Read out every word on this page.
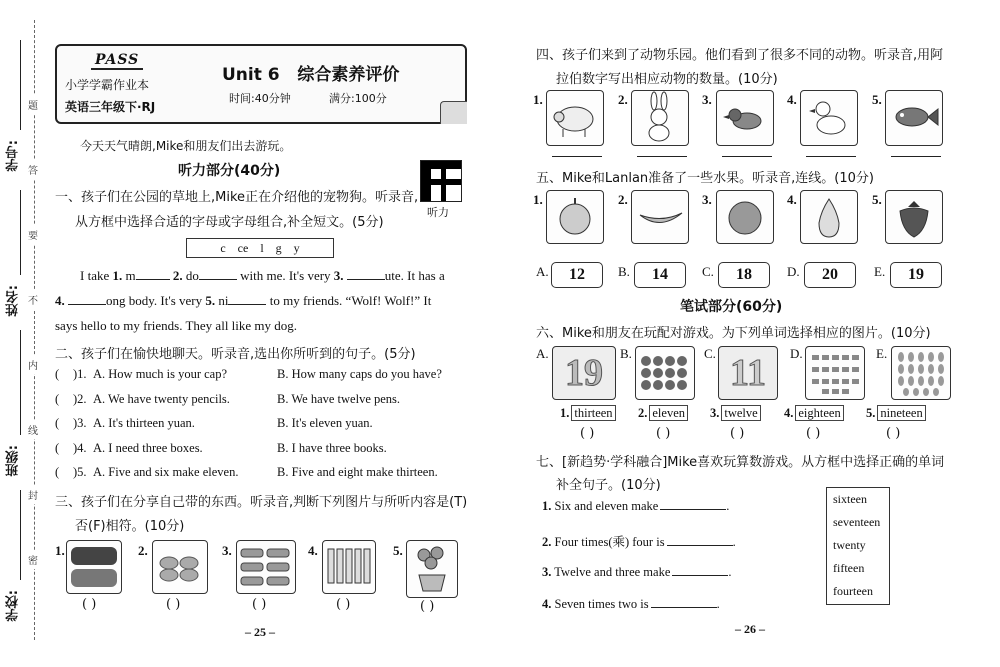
学号:
姓名:
班级:
学校:
题
答
要
不
内
线
封
密
PASS
小学学霸作业本
英语三年级下·RJ
Unit 6   综合素养评价
时间:40分钟	满分:100分
今天天气晴朗,Mike和朋友们出去游玩。
听力部分(40分)
听力
一、孩子们在公园的草地上,Mike正在介绍他的宠物狗。听录音,
从方框中选择合适的字母或字母组合,补全短文。(5分)
c    ce    l    g    y
I take 1. m	2. do	with me. It's very 3.	ute. It has a
4.	ong body. It's very 5. ni	to my friends. “Wolf! Wolf!” It
says hello to my friends. They all like my dog.
二、孩子们在愉快地聊天。听录音,选出你所听到的句子。(5分)
( )1. A. How much is your cap?	B. How many caps do you have?
( )2. A. We have twenty pencils.	B. We have twelve pens.
( )3. A. It's thirteen yuan.	B. It's eleven yuan.
( )4. A. I need three boxes.	B. I have three books.
( )5. A. Five and six make eleven.	B. Five and eight make thirteen.
三、孩子们在分享自己带的东西。听录音,判断下列图片与所听内容是(T)
否(F)相符。(10分)
1.
( )
2.
( )
3.
( )
4.
( )
5.
( )
– 25 –
四、孩子们来到了动物乐园。他们看到了很多不同的动物。听录音,用阿
拉伯数字写出相应动物的数量。(10分)
1.	2.	3.	4.	5.
五、Mike和Lanlan准备了一些水果。听录音,连线。(10分)
1.	2.	3.	4.	5.
A.	12	B.	14	C.	18	D.	20	E.	19
笔试部分(60分)
六、Mike和朋友在玩配对游戏。为下列单词选择相应的图片。(10分)
A. 19	B.	C. 11	D.	E.
1. thirteen 2. eleven 3. twelve 4. eighteen 5. nineteen
( )	( )	( )	( )	( )
七、[新趋势·学科融合]Mike喜欢玩算数游戏。从方框中选择正确的单词
补全句子。(10分)
1. Six and eleven make	.
2. Four times(乘) four is	.
3. Twelve and three make	.
4. Seven times two is	.
sixteen
seventeen
twenty
fifteen
fourteen
– 26 –
